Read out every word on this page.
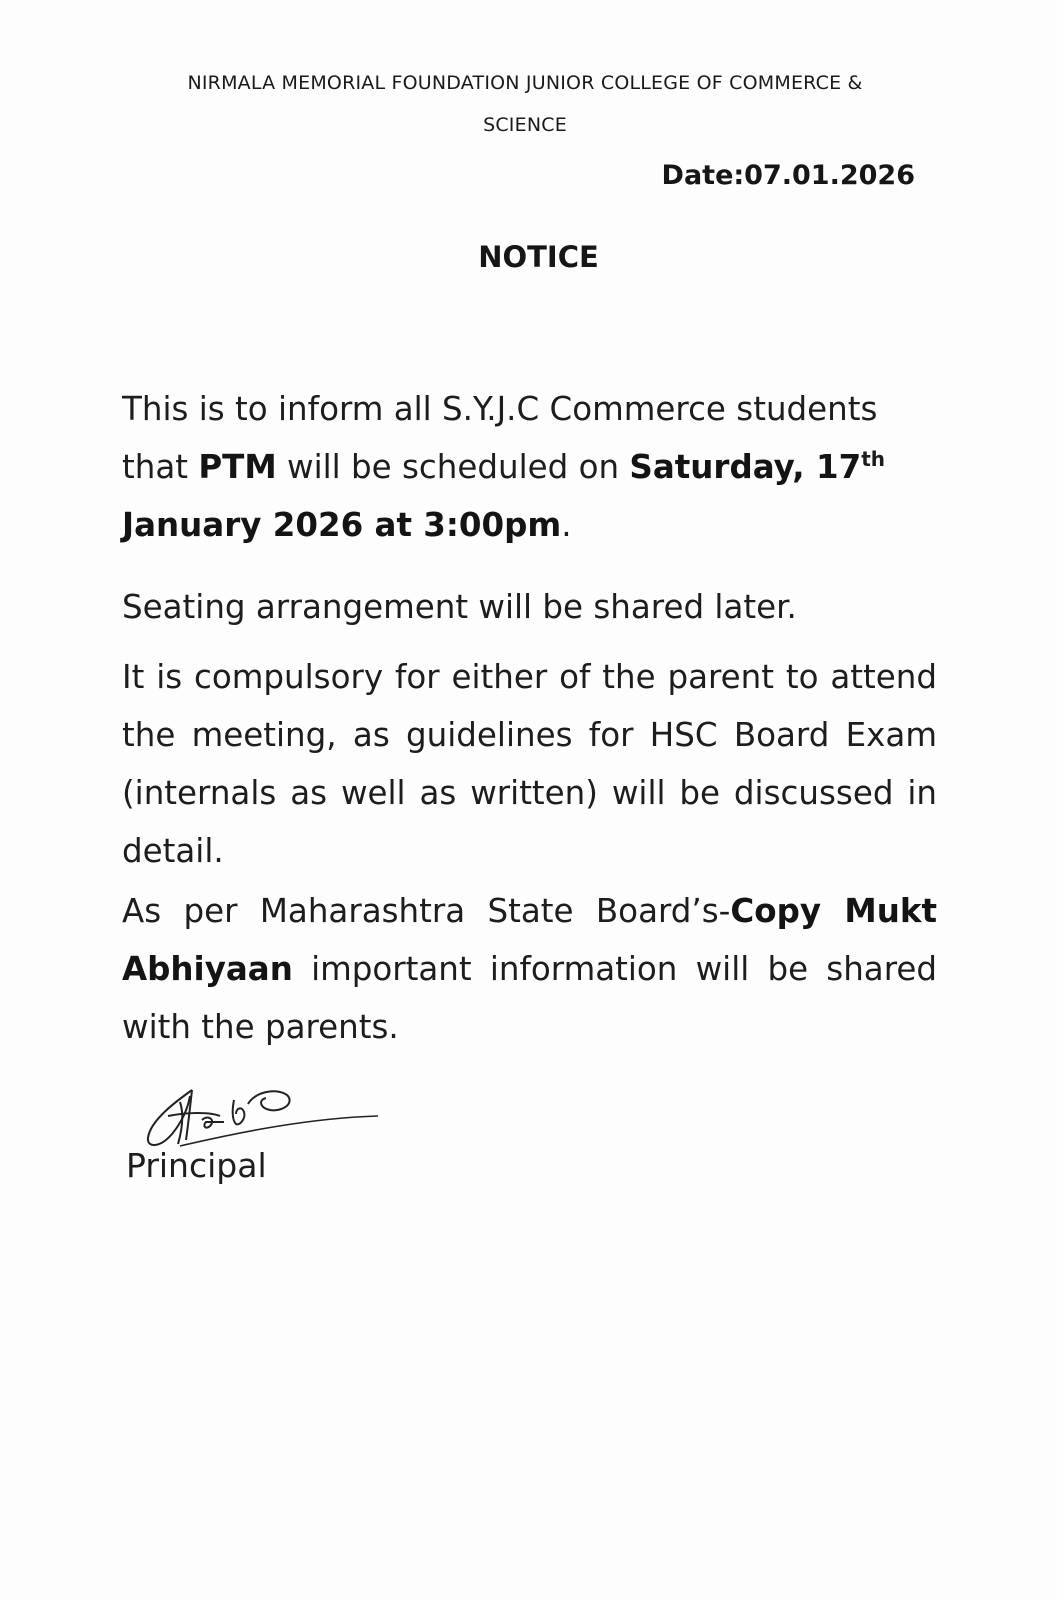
NIRMALA MEMORIAL FOUNDATION JUNIOR COLLEGE OF COMMERCE &
SCIENCE
Date:07.01.2026
NOTICE
This is to inform all S.Y.J.C Commerce students that PTM will be scheduled on Saturday, 17th
January 2026 at 3:00pm.
Seating arrangement will be shared later.
It is compulsory for either of the parent to attend the meeting, as guidelines for HSC Board Exam (internals as well as written) will be discussed in detail.
As per Maharashtra State Board’s-Copy Mukt Abhiyaan important information will be shared with the parents.
Principal
